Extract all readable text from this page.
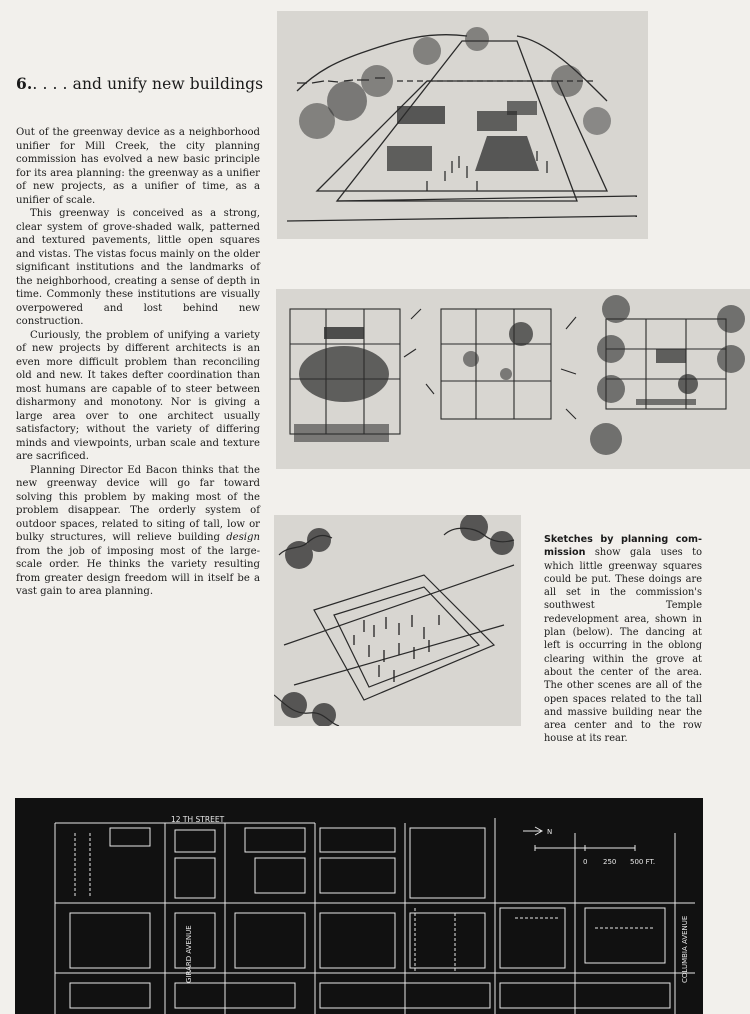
6.. . . . and unify new buildings

Out of the greenway device as a neighborhood unifier for Mill Creek, the city planning commission has evolved a new basic principle for its area planning: the greenway as a unifier of new projects, as a unifier of time, as a unifier of scale.

This greenway is conceived as a strong, clear system of grove-shaded walk, patterned and textured pavements, little open squares and vistas. The vistas focus mainly on the older significant institutions and the landmarks of the neighborhood, creating a sense of depth in time. Commonly these institutions are visually overpowered and lost behind new construction.

Curiously, the problem of unifying a variety of new projects by different architects is an even more difficult problem than reconciling old and new. It takes defter coordination than most humans are capable of to steer between disharmony and monotony. Nor is giving a large area over to one architect usually satisfactory; without the variety of differing minds and viewpoints, urban scale and texture are sacrificed.

Planning Director Ed Bacon thinks that the new greenway device will go far toward solving this problem by making most of the problem disappear. The orderly system of outdoor spaces, related to siting of tall, low or bulky structures, will relieve building design from the job of imposing most of the large-scale order. He thinks the variety resulting from greater design freedom will in itself be a vast gain to area planning.

Sketches by planning commission show gala uses to which little greenway squares could be put. These doings are all set in the commission's southwest Temple redevelopment area, shown in plan (below). The dancing at left is occurring in the oblong clearing within the grove at about the center of the area. The other scenes are all of the open spaces related to the tall and massive building near the area center and to the row house at its rear.
12 TH STREET
GIRARD AVENUE	COLUMBIA AVENUE
N
0 250 500 FT.
